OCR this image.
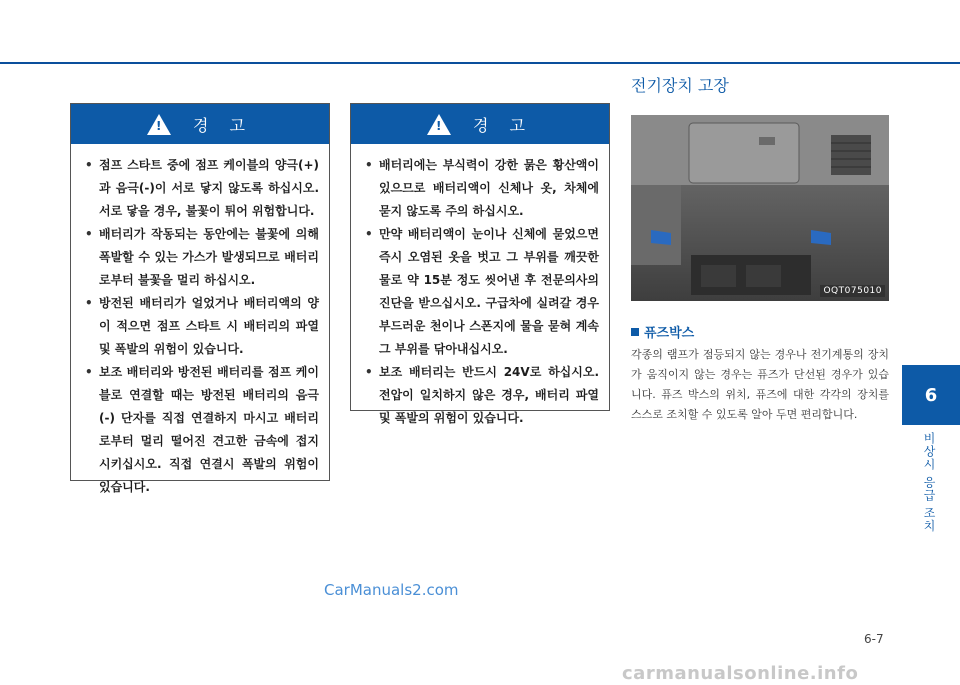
! 경 고
• 점프 스타트 중에 점프 케이블의 양극(+)과 음극(-)이 서로 닿지 않도록 하십시오. 서로 닿을 경우, 불꽃이 튀어 위험합니다.
• 배터리가 작동되는 동안에는 불꽃에 의해 폭발할 수 있는 가스가 발생되므로 배터리로부터 불꽃을 멀리 하십시오.
• 방전된 배터리가 얼었거나 배터리액의 양이 적으면 점프 스타트 시 배터리의 파열 및 폭발의 위험이 있습니다.
• 보조 배터리와 방전된 배터리를 점프 케이블로 연결할 때는 방전된 배터리의 음극(-) 단자를 직접 연결하지 마시고 배터리로부터 멀리 떨어진 견고한 금속에 접지 시키십시오. 직접 연결시 폭발의 위험이 있습니다.
! 경 고
• 배터리에는 부식력이 강한 묽은 황산액이 있으므로 배터리액이 신체나 옷, 차체에 묻지 않도록 주의 하십시오.
• 만약 배터리액이 눈이나 신체에 묻었으면 즉시 오염된 옷을 벗고 그 부위를 깨끗한 물로 약 15분 정도 씻어낸 후 전문의사의 진단을 받으십시오. 구급차에 실려갈 경우 부드러운 천이나 스폰지에 물을 묻혀 계속 그 부위를 닦아내십시오.
• 보조 배터리는 반드시 24V로 하십시오. 전압이 일치하지 않은 경우, 배터리 파열 및 폭발의 위험이 있습니다.
전기장치 고장
OQT075010
퓨즈박스
각종의 램프가 점등되지 않는 경우나 전기계통의 장치가 움직이지 않는 경우는 퓨즈가 단선된 경우가 있습니다. 퓨즈 박스의 위치, 퓨즈에 대한 각각의 장치를 스스로 조치할 수 있도록 알아 두면 편리합니다.
6
비상시 응급 조치
6-7
CarManuals2.com
carmanualsonline.info
